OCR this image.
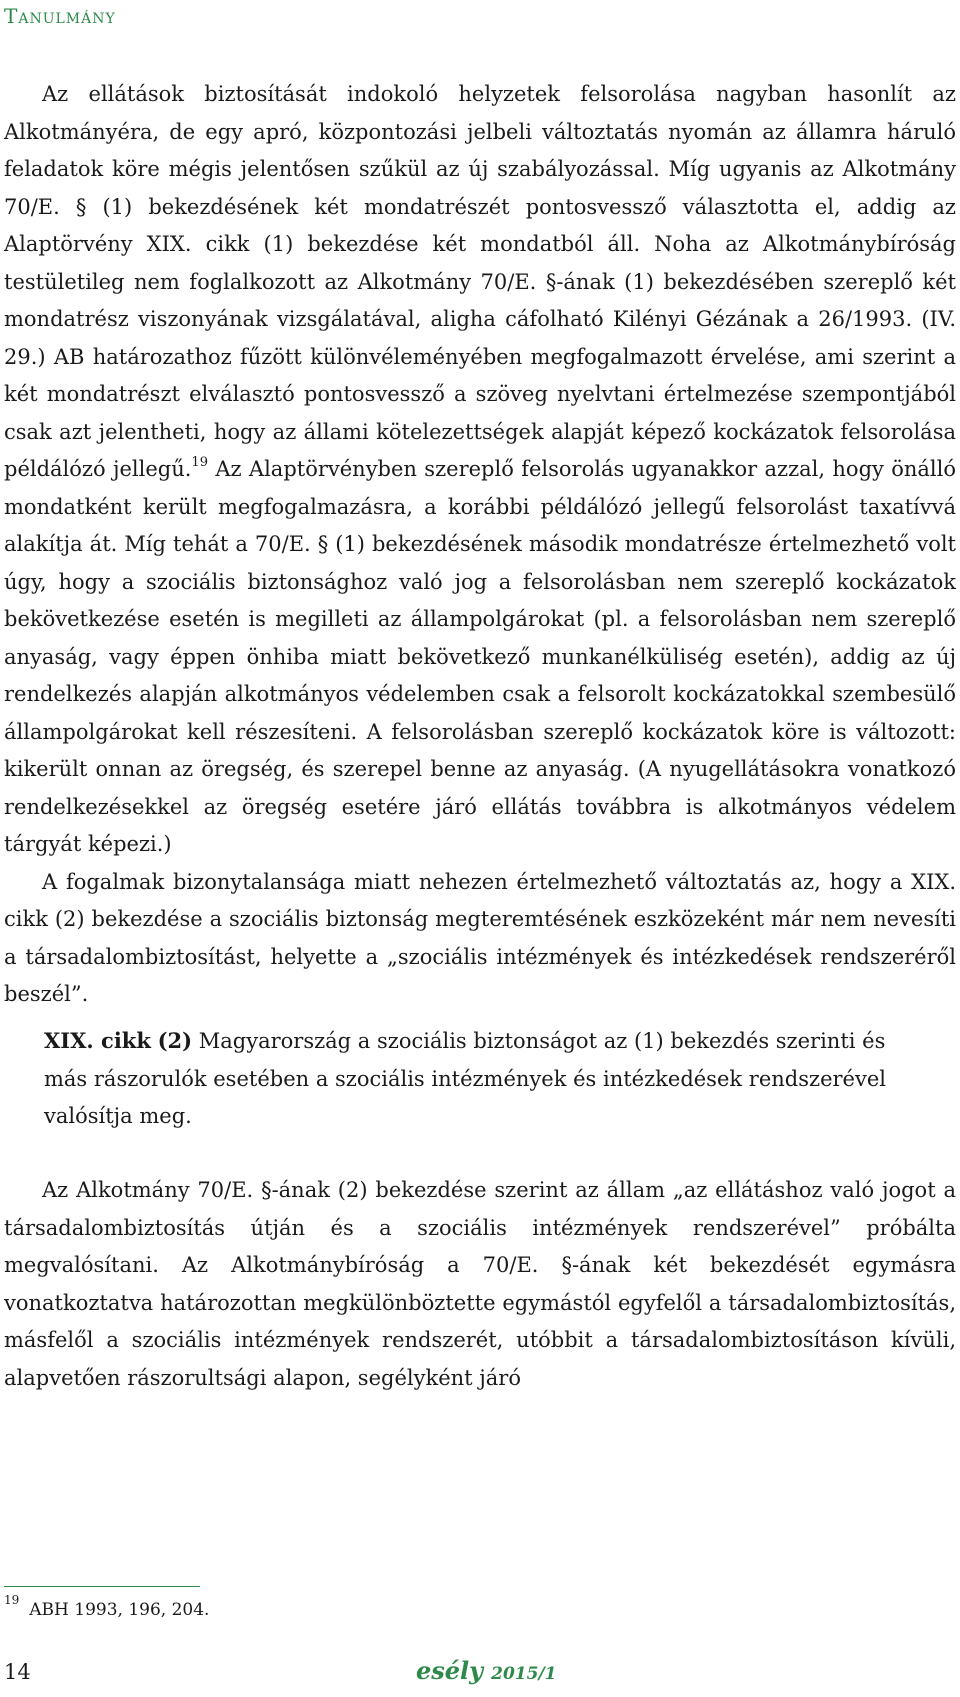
Tanulmány

Az ellátások biztosítását indokoló helyzetek felsorolása nagyban hasonlít az Alkotmányéra, de egy apró, központozási jelbeli változtatás nyomán az államra háruló feladatok köre mégis jelentősen szűkül az új szabályozással. Míg ugyanis az Alkotmány 70/E. § (1) bekezdésének két mondatrészét pontosvessző választotta el, addig az Alaptörvény XIX. cikk (1) bekezdése két mondatból áll. Noha az Alkotmánybíróság testületileg nem foglalkozott az Alkotmány 70/E. §-ának (1) bekezdésében szereplő két mondatrész viszonyának vizsgálatával, aligha cáfolható Kilényi Gézának a 26/1993. (IV. 29.) AB határozathoz fűzött különvéleményében megfogalmazott érvelése, ami szerint a két mondatrészt elválasztó pontosvessző a szöveg nyelvtani értelmezése szempontjából csak azt jelentheti, hogy az állami kötelezettségek alapját képező kockázatok felsorolása példálózó jellegű.$^{19}$ Az Alaptörvényben szereplő felsorolás ugyanakkor azzal, hogy önálló mondatként került megfogalmazásra, a korábbi példálózó jellegű felsorolást taxatívvá alakítja át. Míg tehát a 70/E. § (1) bekezdésének második mondatrésze értelmezhető volt úgy, hogy a szociális biztonsághoz való jog a felsorolásban nem szereplő kockázatok bekövetkezése esetén is megilleti az állampolgárokat (pl. a felsorolásban nem szereplő anyaság, vagy éppen önhiba miatt bekövetkező munkanélküliség esetén), addig az új rendelkezés alapján alkotmányos védelemben csak a felsorolt kockázatokkal szembesülő állampolgárokat kell részesíteni. A felsorolásban szereplő kockázatok köre is változott: kikerült onnan az öregség, és szerepel benne az anyaság. (A nyugellátásokra vonatkozó rendelkezésekkel az öregség esetére járó ellátás továbbra is alkotmányos védelem tárgyát képezi.)

A fogalmak bizonytalansága miatt nehezen értelmezhető változtatás az, hogy a XIX. cikk (2) bekezdése a szociális biztonság megteremtésének eszközeként már nem nevesíti a társadalombiztosítást, helyette a „szociális intézmények és intézkedések rendszeréről beszél”.

XIX. cikk (2) Magyarország a szociális biztonságot az (1) bekezdés szerinti és más rászorulók esetében a szociális intézmények és intézkedések rendszerével valósítja meg.

Az Alkotmány 70/E. §-ának (2) bekezdése szerint az állam „az ellátáshoz való jogot a társadalombiztosítás útján és a szociális intézmények rendszerével” próbálta megvalósítani. Az Alkotmánybíróság a 70/E. §-ának két bekezdését egymásra vonatkoztatva határozottan megkülönböztette egymástól egyfelől a társadalombiztosítás, másfelől a szociális intézmények rendszerét, utóbbit a társadalombiztosításon kívüli, alapvetően rászorultsági alapon, segélyként járó

$^{19}$ ABH 1993, 196, 204.
14	esély 2015/1
